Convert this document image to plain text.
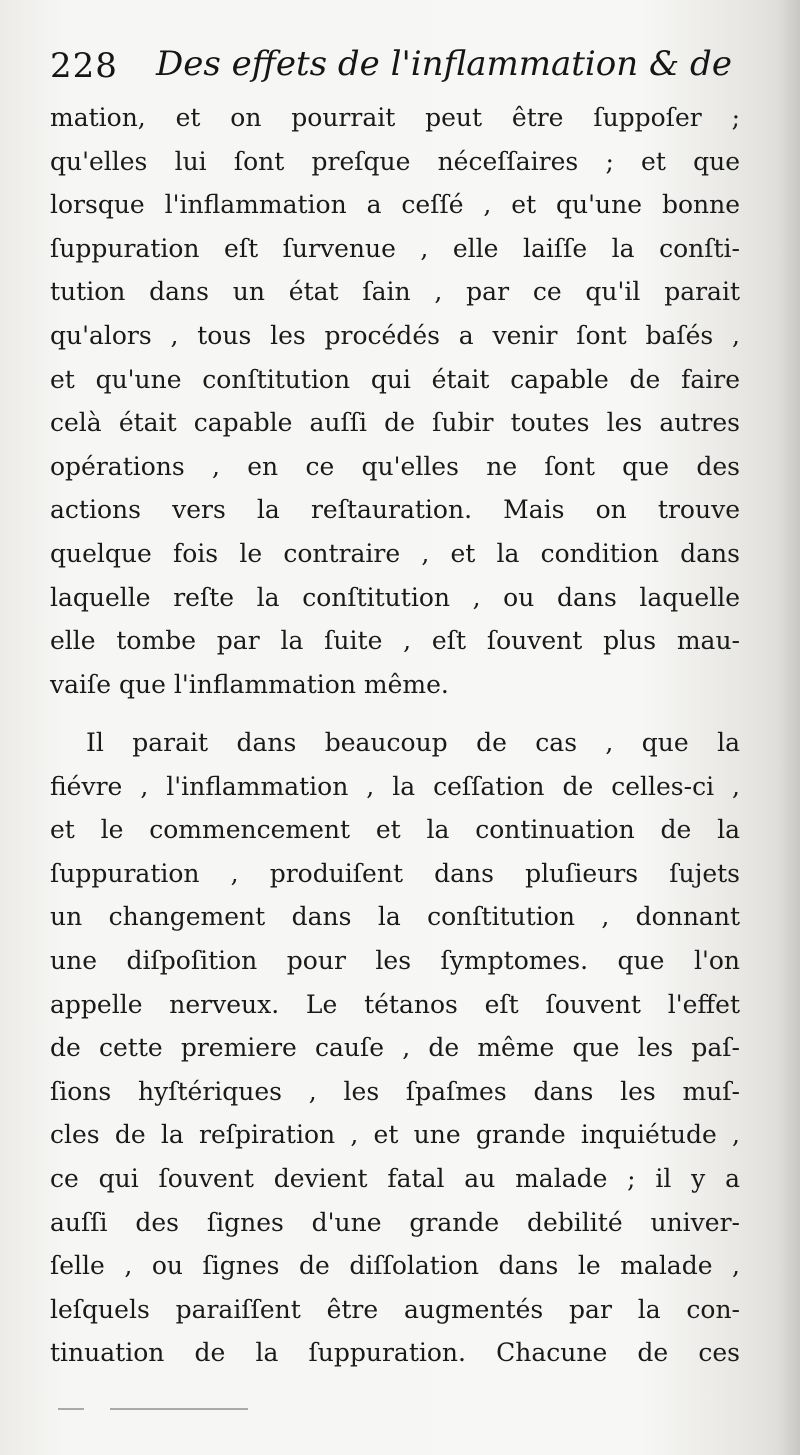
228 Des effets de l'inflammation & de
mation, et on pourrait peut être ſuppoſer ;
qu'elles lui ſont preſque néceſſaires ; et que
lorsque l'inflammation a ceſſé , et qu'une bonne
ſuppuration eſt ſurvenue , elle laiſſe la conſti-
tution dans un état ſain , par ce qu'il parait
qu'alors , tous les procédés a venir ſont baſés ,
et qu'une conſtitution qui était capable de faire
celà était capable auſſi de ſubir toutes les autres
opérations , en ce qu'elles ne ſont que des
actions vers la reſtauration. Mais on trouve
quelque fois le contraire , et la condition dans
laquelle reſte la conſtitution , ou dans laquelle
elle tombe par la ſuite , eſt ſouvent plus mau-
vaiſe que l'inflammation même.
Il parait dans beaucoup de cas , que la
fiévre , l'inflammation , la ceſſation de celles-ci ,
et le commencement et la continuation de la
ſuppuration , produiſent dans pluſieurs ſujets
un changement dans la conſtitution , donnant
une diſpoſition pour les ſymptomes. que l'on
appelle nerveux. Le tétanos eſt ſouvent l'effet
de cette premiere cauſe , de même que les paſ-
ſions hyſtériques , les ſpaſmes dans les muſ-
cles de la reſpiration , et une grande inquiétude ,
ce qui ſouvent devient fatal au malade ; il y a
auſſi des ſignes d'une grande debilité univer-
ſelle , ou ſignes de diſſolation dans le malade ,
leſquels paraiſſent être augmentés par la con-
tinuation de la ſuppuration. Chacune de ces
